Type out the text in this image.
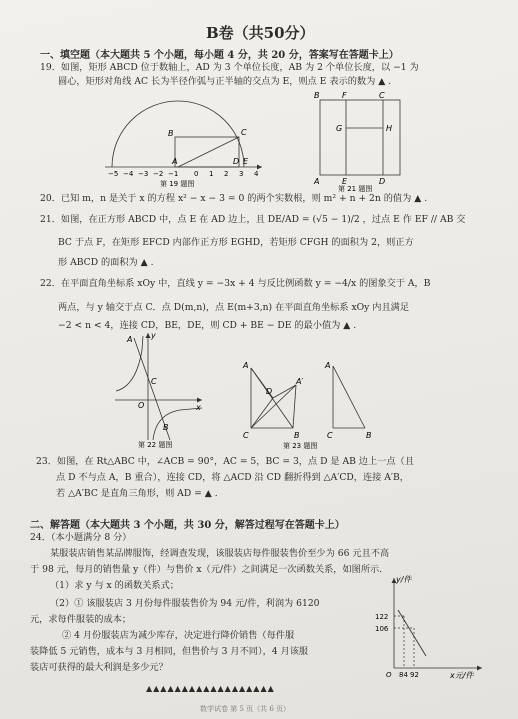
B卷（共50分）
一、填空题（本大题共 5 个小题，每小题 4 分，共 20 分，答案写在答题卡上）
19．如图，矩形 ABCD 位于数轴上，AD 为 3 个单位长度，AB 为 2 个单位长度，以 −1 为
圆心，矩形对角线 AC 长为半径作弧与正半轴的交点为 E，则点 E 表示的数为 ▲ .
B	C
D E
A
−5 −4 −3 −2 −1 0 1 2 3 4
第 19 题图
B	F	C
G	H
A	E	D
第 21 题图
20．已知 m，n 是关于 x 的方程 x² − x − 3 = 0 的两个实数根，则 m² + n + 2n 的值为 ▲ .
21．如图，在正方形 ABCD 中，点 E 在 AD 边上，且 DE/AD = (√5 − 1)/2 ，过点 E 作 EF // AB 交
BC 于点 F，在矩形 EFCD 内部作正方形 EGHD，若矩形 CFGH 的面积为 2，则正方
形 ABCD 的面积为 ▲ .
22．在平面直角坐标系 xOy 中，直线 y = −3x + 4 与反比例函数 y = −4/x 的图象交于 A，B
两点，与 y 轴交于点 C．点 D(m,n)，点 E(m+3,n) 在平面直角坐标系 xOy 内且满足
−2 < n < 4，连接 CD，BE，DE，则 CD + BE − DE 的最小值为 ▲ .
A y
C
O	x
B
第 22 题图
A
D
A′
B
C
A
C	B
第 23 题图
23．如图，在 Rt△ABC 中，∠ACB = 90°，AC = 5，BC = 3，点 D 是 AB 边上一点（且
点 D 不与点 A，B 重合），连接 CD，将 △ACD 沿 CD 翻折得到 △A′CD，连接 A′B，
若 △A′BC 是直角三角形，则 AD = ▲ .
二、解答题（本大题共 3 个小题，共 30 分，解答过程写在答题卡上）
24．（本小题满分 8 分）
某服装店销售某品牌服饰，经调查发现，该服装店每件服装售价至少为 66 元且不高
于 98 元，每月的销售量 y（件）与售价 x（元/件）之间满足一次函数关系，如图所示．
（1）求 y 与 x 的函数关系式；
（2）① 该服装店 3 月份每件服装售价为 94 元/件，利润为 6120
元，求每件服装的成本；
② 4 月份服装店为减少库存，决定进行降价销售（每件服
装降低 5 元销售，成本与 3 月相同，但售价与 3 月不同），4 月该服
装店可获得的最大利润是多少元？
y/件
x元/件
122
106
84 92
O
▲▲▲▲▲▲▲▲▲▲▲▲▲▲▲▲▲▲
数学试卷 第 5 页（共 6 页）
